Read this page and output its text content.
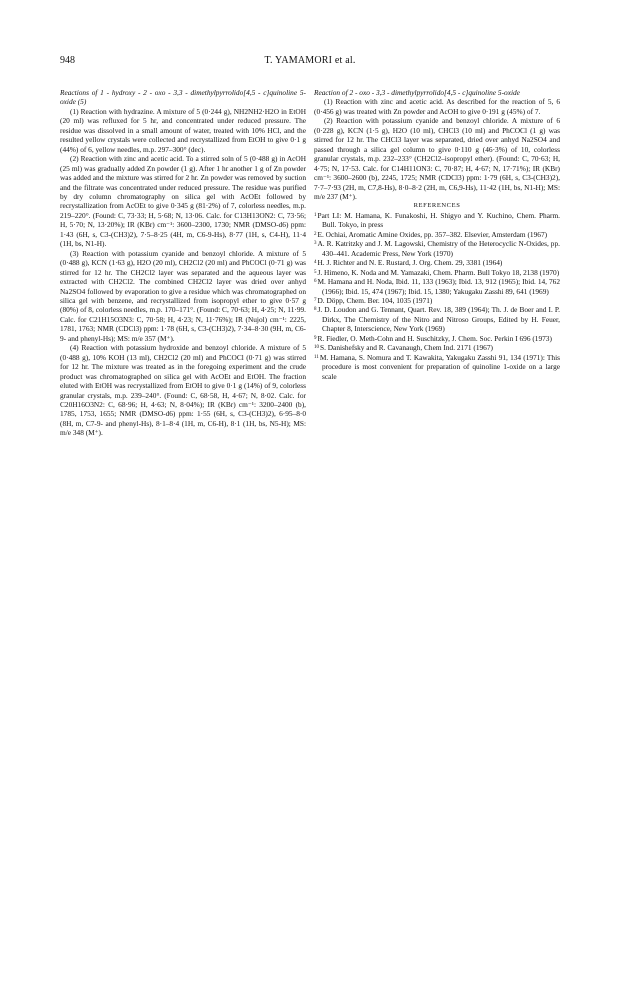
948	T. YAMAMORI et al.

Reactions of 1 - hydroxy - 2 - oxo - 3,3 - dimethylpyrrolido[4,5 - c]quinoline 5-oxide (5)

(1) Reaction with hydrazine. A mixture of 5 (0·244 g), NH2NH2·H2O in EtOH (20 ml) was refluxed for 5 hr, and concentrated under reduced pressure. The residue was dissolved in a small amount of water, treated with 10% HCl, and the resulted yellow crystals were collected and recrystallized from EtOH to give 0·1 g (44%) of 6, yellow needles, m.p. 297–300° (dec).

(2) Reaction with zinc and acetic acid. To a stirred soln of 5 (0·488 g) in AcOH (25 ml) was gradually added Zn powder (1 g). After 1 hr another 1 g of Zn powder was added and the mixture was stirred for 2 hr. Zn powder was removed by suction and the filtrate was concentrated under reduced pressure. The residue was purified by dry column chromatography on silica gel with AcOEt followed by recrystallization from AcOEt to give 0·345 g (81·2%) of 7, colorless needles, m.p. 219–220°. (Found: C, 73·33; H, 5·68; N, 13·06. Calc. for C13H13ON2: C, 73·56; H, 5·70; N, 13·20%); IR (KBr) cm⁻¹: 3600–2300, 1730; NMR (DMSO-d6) ppm: 1·43 (6H, s, C3-(CH3)2), 7·5–8·25 (4H, m, C6-9-Hs), 8·77 (1H, s, C4-H), 11·4 (1H, bs, N1-H).

(3) Reaction with potassium cyanide and benzoyl chloride. A mixture of 5 (0·488 g), KCN (1·63 g), H2O (20 ml), CH2Cl2 (20 ml) and PhCOCl (0·71 g) was stirred for 12 hr. The CH2Cl2 layer was separated and the aqueous layer was extracted with CH2Cl2. The combined CH2Cl2 layer was dried over anhyd Na2SO4 followed by evaporation to give a residue which was chromatographed on silica gel with benzene, and recrystallized from isopropyl ether to give 0·57 g (80%) of 8, colorless needles, m.p. 170–171°. (Found: C, 70·63; H, 4·25; N, 11·99. Calc. for C21H15O3N3: C, 70·58; H, 4·23; N, 11·76%); IR (Nujol) cm⁻¹: 2225, 1781, 1763; NMR (CDCl3) ppm: 1·78 (6H, s, C3-(CH3)2), 7·34–8·30 (9H, m, C6-9- and phenyl-Hs); MS: m/e 357 (M⁺).

(4) Reaction with potassium hydroxide and benzoyl chloride. A mixture of 5 (0·488 g), 10% KOH (13 ml), CH2Cl2 (20 ml) and PhCOCl (0·71 g) was stirred for 12 hr. The mixture was treated as in the foregoing experiment and the crude product was chromatographed on silica gel with AcOEt and EtOH. The fraction eluted with EtOH was recrystallized from EtOH to give 0·1 g (14%) of 9, colorless granular crystals, m.p. 239–240°. (Found: C, 68·58, H, 4·67; N, 8·02. Calc. for C20H16O3N2: C, 68·96; H, 4·63; N, 8·04%); IR (KBr) cm⁻¹: 3200–2400 (b), 1785, 1753, 1655; NMR (DMSO-d6) ppm: 1·55 (6H, s, C3-(CH3)2), 6·95–8·0 (8H, m, C7-9- and phenyl-Hs), 8·1–8·4 (1H, m, C6-H), 8·1 (1H, bs, N5-H); MS: m/e 348 (M⁺).

Reaction of 2 - oxo - 3,3 - dimethylpyrrolido[4,5 - c]quinoline 5-oxide

(1) Reaction with zinc and acetic acid. As described for the reaction of 5, 6 (0·456 g) was treated with Zn powder and AcOH to give 0·191 g (45%) of 7.

(2) Reaction with potassium cyanide and benzoyl chloride. A mixture of 6 (0·228 g), KCN (1·5 g), H2O (10 ml), CHCl3 (10 ml) and PhCOCl (1 g) was stirred for 12 hr. The CHCl3 layer was separated, dried over anhyd Na2SO4 and passed through a silica gel column to give 0·110 g (46·3%) of 10, colorless granular crystals, m.p. 232–233° (CH2Cl2–isopropyl ether). (Found: C, 70·63; H, 4·75; N, 17·53. Calc. for C14H11ON3: C, 70·87; H, 4·67; N, 17·71%); IR (KBr) cm⁻¹: 3600–2600 (b), 2245, 1725; NMR (CDCl3) ppm: 1·79 (6H, s, C3-(CH3)2), 7·7–7·93 (2H, m, C7,8-Hs), 8·0–8·2 (2H, m, C6,9-Hs), 11·42 (1H, bs, N1-H); MS: m/e 237 (M⁺).

REFERENCES

$^1$Part LI: M. Hamana, K. Funakoshi, H. Shigyo and Y. Kuchino, Chem. Pharm. Bull. Tokyo, in press

$^2$E. Ochiai, Aromatic Amine Oxides, pp. 357–382. Elsevier, Amsterdam (1967)

$^3$A. R. Katritzky and J. M. Lagowski, Chemistry of the Heterocyclic N-Oxides, pp. 430–441. Academic Press, New York (1970)

$^4$H. J. Richter and N. E. Rustard, J. Org. Chem. 29, 3381 (1964)

$^5$J. Himeno, K. Noda and M. Yamazaki, Chem. Pharm. Bull Tokyo 18, 2138 (1970)

$^6$M. Hamana and H. Noda, Ibid. 11, 133 (1963); Ibid. 13, 912 (1965); Ibid. 14, 762 (1966); Ibid. 15, 474 (1967); Ibid. 15, 1380; Yakugaku Zasshi 89, 641 (1969)

$^7$D. Döpp, Chem. Ber. 104, 1035 (1971)

$^8$J. D. Loudon and G. Tennant, Quart. Rev. 18, 389 (1964); Th. J. de Boer and I. P. Dirkx, The Chemistry of the Nitro and Nitroso Groups, Edited by H. Feuer, Chapter 8, Interscience, New York (1969)

$^9$R. Fiedler, O. Meth-Cohn and H. Suschitzky, J. Chem. Soc. Perkin I 696 (1973)

$^{10}$S. Danishefsky and R. Cavanaugh, Chem Ind. 2171 (1967)

$^{11}$M. Hamana, S. Nomura and T. Kawakita, Yakugaku Zasshi 91, 134 (1971): This procedure is most convenient for preparation of quinoline 1-oxide on a large scale
